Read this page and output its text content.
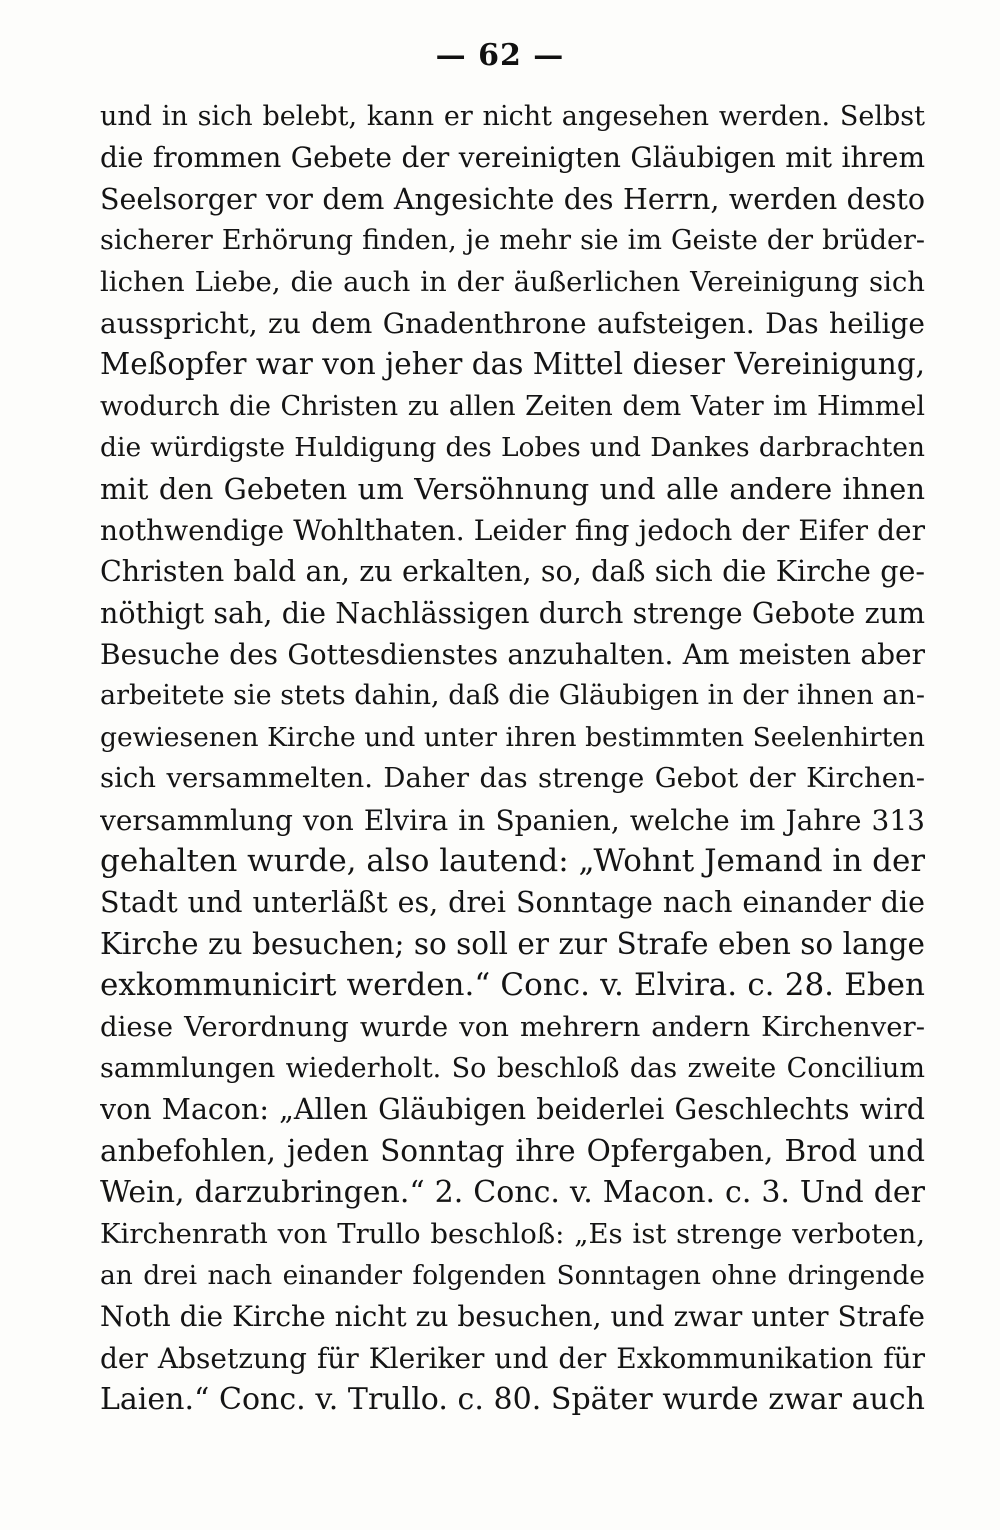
— 62 —
und in sich belebt, kann er nicht angesehen werden. Selbst
die frommen Gebete der vereinigten Gläubigen mit ihrem
Seelsorger vor dem Angesichte des Herrn, werden desto
sicherer Erhörung finden, je mehr sie im Geiste der brüder-
lichen Liebe, die auch in der äußerlichen Vereinigung sich
ausspricht, zu dem Gnadenthrone aufsteigen. Das heilige
Meßopfer war von jeher das Mittel dieser Vereinigung,
wodurch die Christen zu allen Zeiten dem Vater im Himmel
die würdigste Huldigung des Lobes und Dankes darbrachten
mit den Gebeten um Versöhnung und alle andere ihnen
nothwendige Wohlthaten. Leider fing jedoch der Eifer der
Christen bald an, zu erkalten, so, daß sich die Kirche ge-
nöthigt sah, die Nachlässigen durch strenge Gebote zum
Besuche des Gottesdienstes anzuhalten. Am meisten aber
arbeitete sie stets dahin, daß die Gläubigen in der ihnen an-
gewiesenen Kirche und unter ihren bestimmten Seelenhirten
sich versammelten. Daher das strenge Gebot der Kirchen-
versammlung von Elvira in Spanien, welche im Jahre 313
gehalten wurde, also lautend: „Wohnt Jemand in der
Stadt und unterläßt es, drei Sonntage nach einander die
Kirche zu besuchen; so soll er zur Strafe eben so lange
exkommunicirt werden.“ Conc. v. Elvira. c. 28. Eben
diese Verordnung wurde von mehrern andern Kirchenver-
sammlungen wiederholt. So beschloß das zweite Concilium
von Macon: „Allen Gläubigen beiderlei Geschlechts wird
anbefohlen, jeden Sonntag ihre Opfergaben, Brod und
Wein, darzubringen.“ 2. Conc. v. Macon. c. 3. Und der
Kirchenrath von Trullo beschloß: „Es ist strenge verboten,
an drei nach einander folgenden Sonntagen ohne dringende
Noth die Kirche nicht zu besuchen, und zwar unter Strafe
der Absetzung für Kleriker und der Exkommunikation für
Laien.“ Conc. v. Trullo. c. 80. Später wurde zwar auch
